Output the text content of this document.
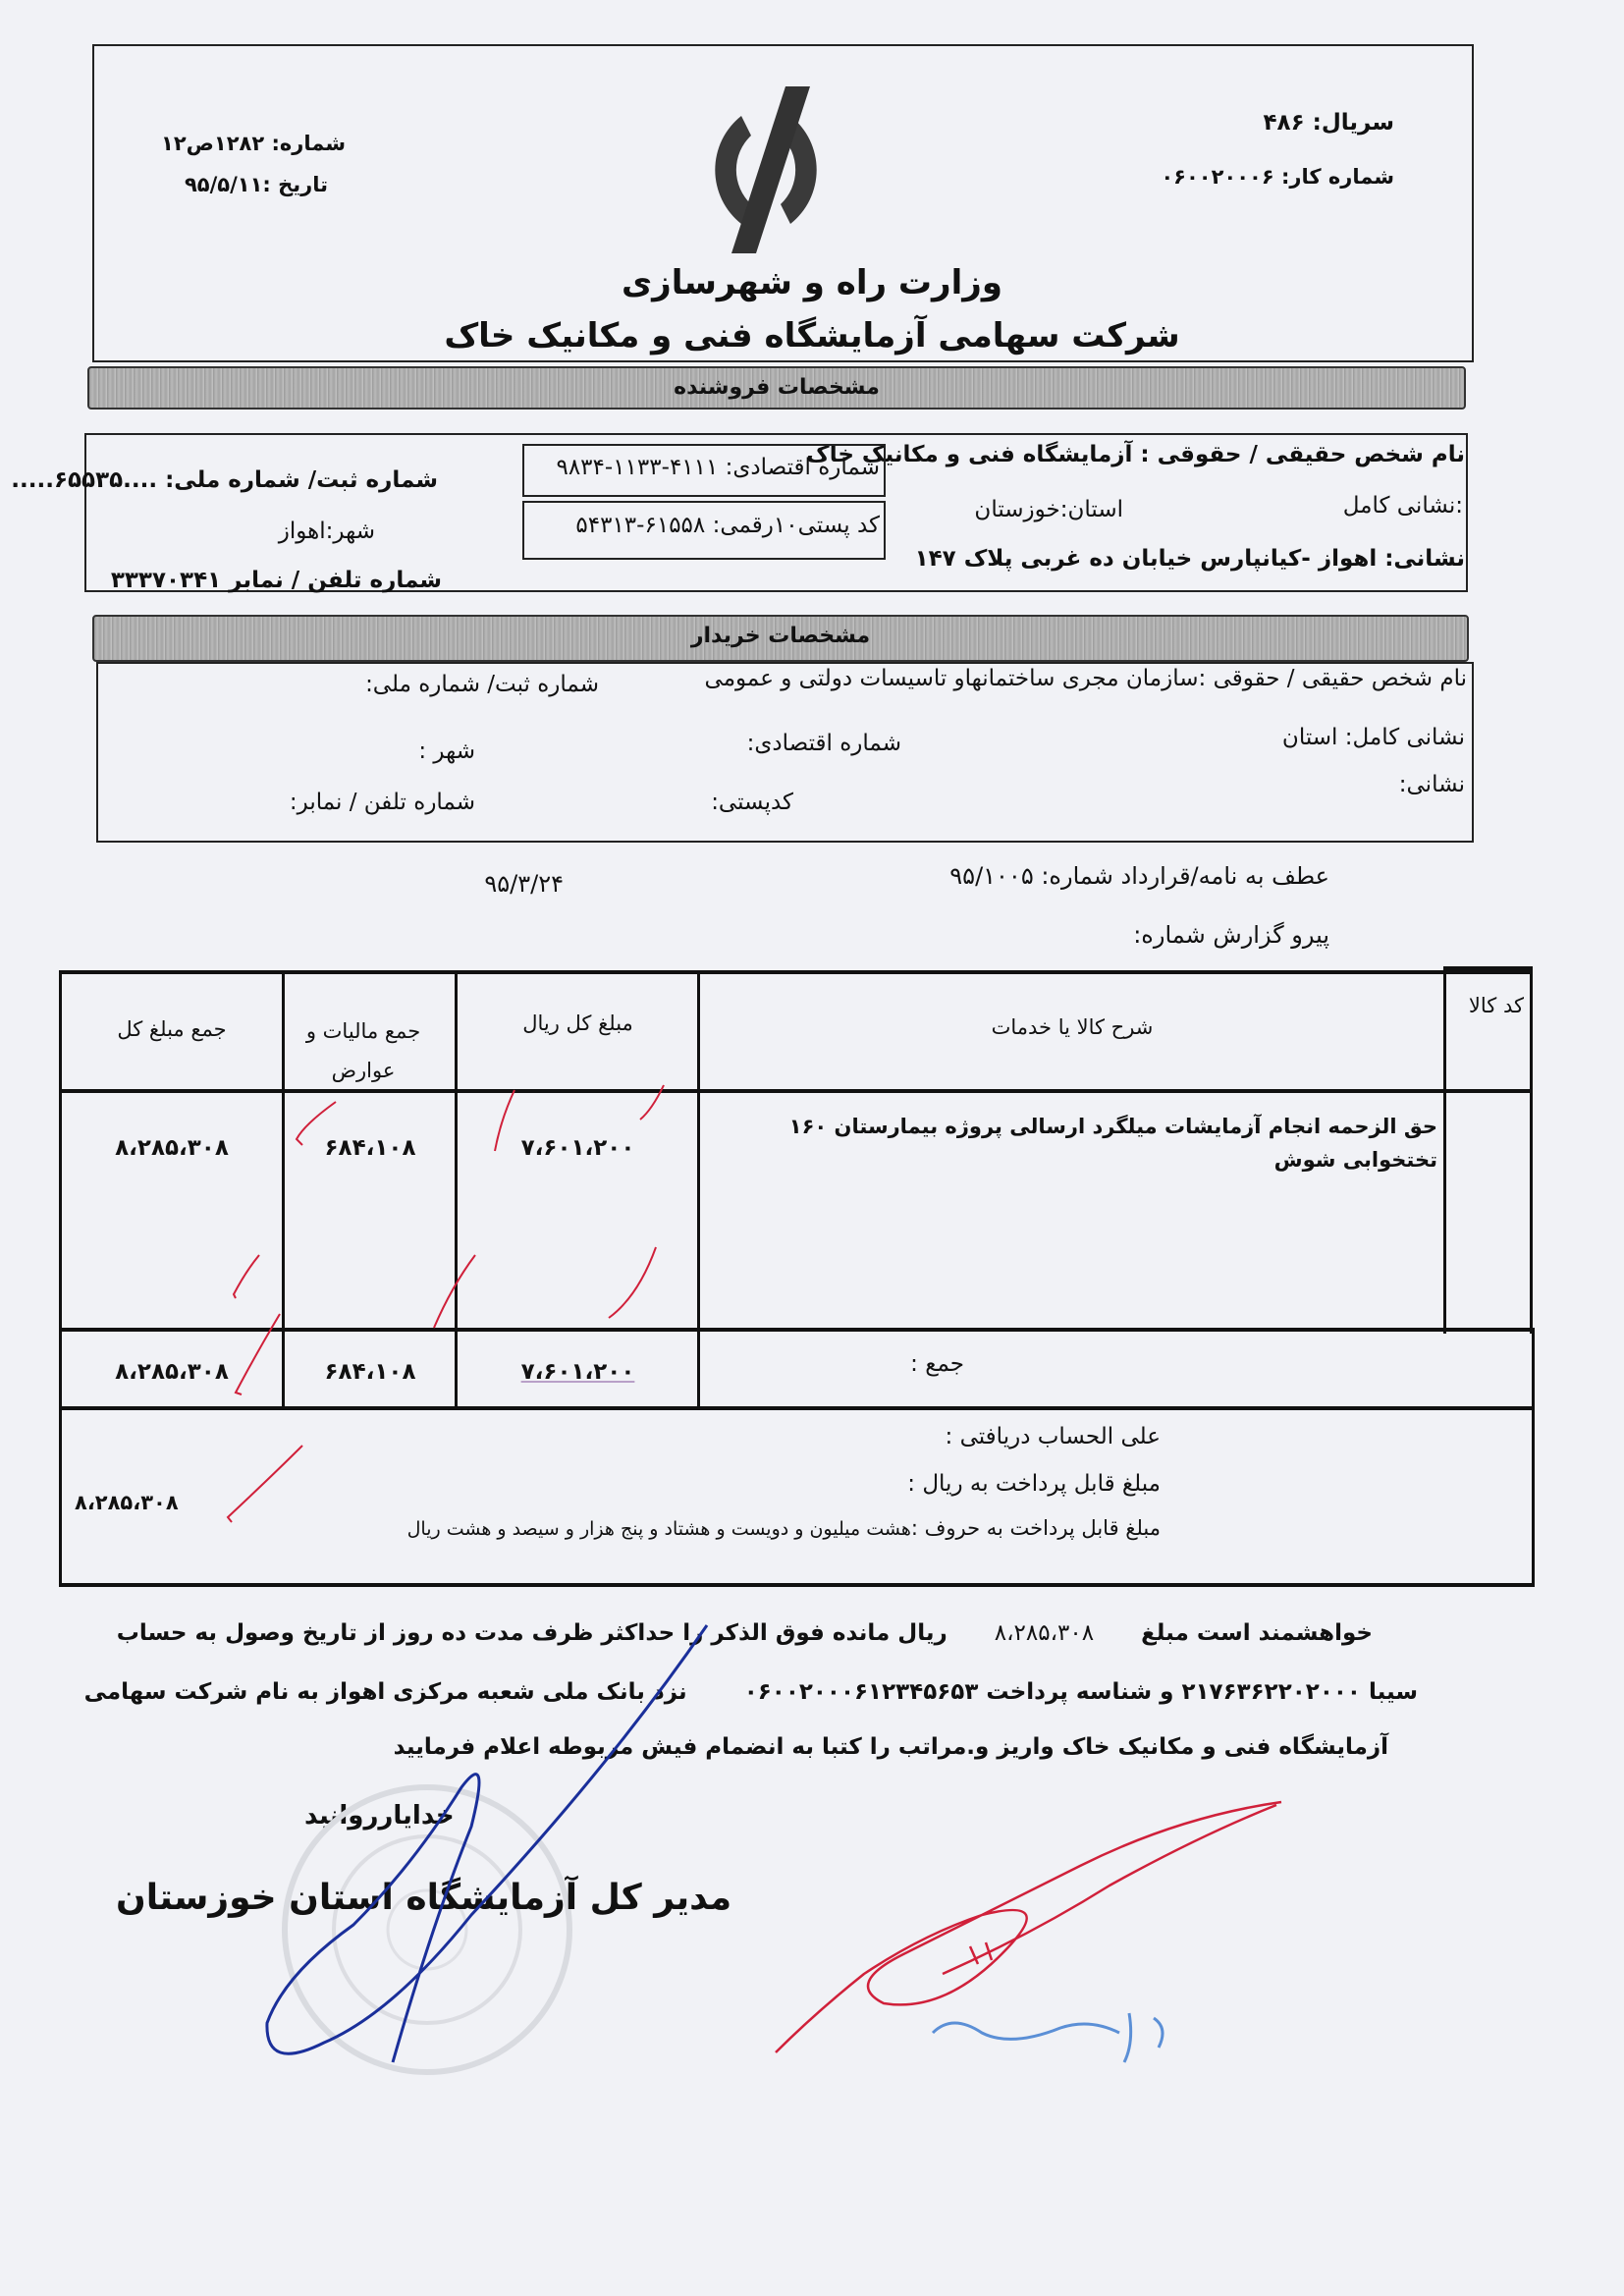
سریال: ۴۸۶
شماره کار: ۰۶۰۰۲۰۰۰۶
شماره: ۱۲۸۲ص۱۲
تاریخ :۹۵/۵/۱۱
وزارت راه و شهرسازی
شرکت سهامی آزمایشگاه فنی و مکانیک خاک
مشخصات فروشنده
نام شخص حقیقی / حقوقی : آزمایشگاه فنی و مکانیک خاک
:نشانی کامل
استان:خوزستان
نشانی: اهواز -کیانپارس خیابان ده غربی پلاک ۱۴۷
شماره اقتصادی: ۴۱۱۱-۱۱۳۳-۹۸۳۴
کد پستی۱۰رقمی: ۶۱۵۵۸-۵۴۳۱۳
شماره ثبت/ شماره ملی: ....۶۵۵۳۵.....
شهر:اهواز
شماره تلفن / نمابر ۳۳۳۷۰۳۴۱
مشخصات خریدار
نام شخص حقیقی / حقوقی :سازمان مجری ساختمانهاو تاسیسات دولتی و عمومی
شماره ثبت/ شماره ملی:
نشانی کامل: استان
شماره اقتصادی:
شهر :
نشانی:
کدپستی:
شماره تلفن / نمابر:
عطف به نامه/قرارداد شماره: ۹۵/۱۰۰۵
۹۵/۳/۲۴
پیرو گزارش شماره:
کد کالا
شرح کالا یا خدمات
مبلغ کل ریال
جمع مالیات و عوارض
جمع مبلغ کل
حق الزحمه انجام آزمایشات میلگرد ارسالی پروژه بیمارستان ۱۶۰ تختخوابی شوش
۷،۶۰۱،۲۰۰
۶۸۴،۱۰۸
۸،۲۸۵،۳۰۸
جمع :
۷،۶۰۱،۲۰۰
۶۸۴،۱۰۸
۸،۲۸۵،۳۰۸
علی الحساب دریافتی :
مبلغ قابل پرداخت به ریال :
۸،۲۸۵،۳۰۸
مبلغ قابل پرداخت به حروف :هشت میلیون و دویست و هشتاد و پنج هزار و سیصد و هشت ریال
خواهشمند است مبلغ ۸،۲۸۵،۳۰۸ ریال مانده فوق الذکر را حداکثر ظرف مدت ده روز از تاریخ وصول به حساب
سیبا ۲۱۷۶۳۶۲۲۰۲۰۰۰ و شناسه پرداخت ۰۶۰۰۲۰۰۰۶۱۲۳۴۵۶۵۳ نزد بانک ملی شعبه مرکزی اهواز به نام شرکت سهامی
آزمایشگاه فنی و مکانیک خاک واریز و.مراتب را کتبا به انضمام فیش مربوطه اعلام فرمایید
خدایارروانبد
مدیر کل آزمایشگاه استان خوزستان
